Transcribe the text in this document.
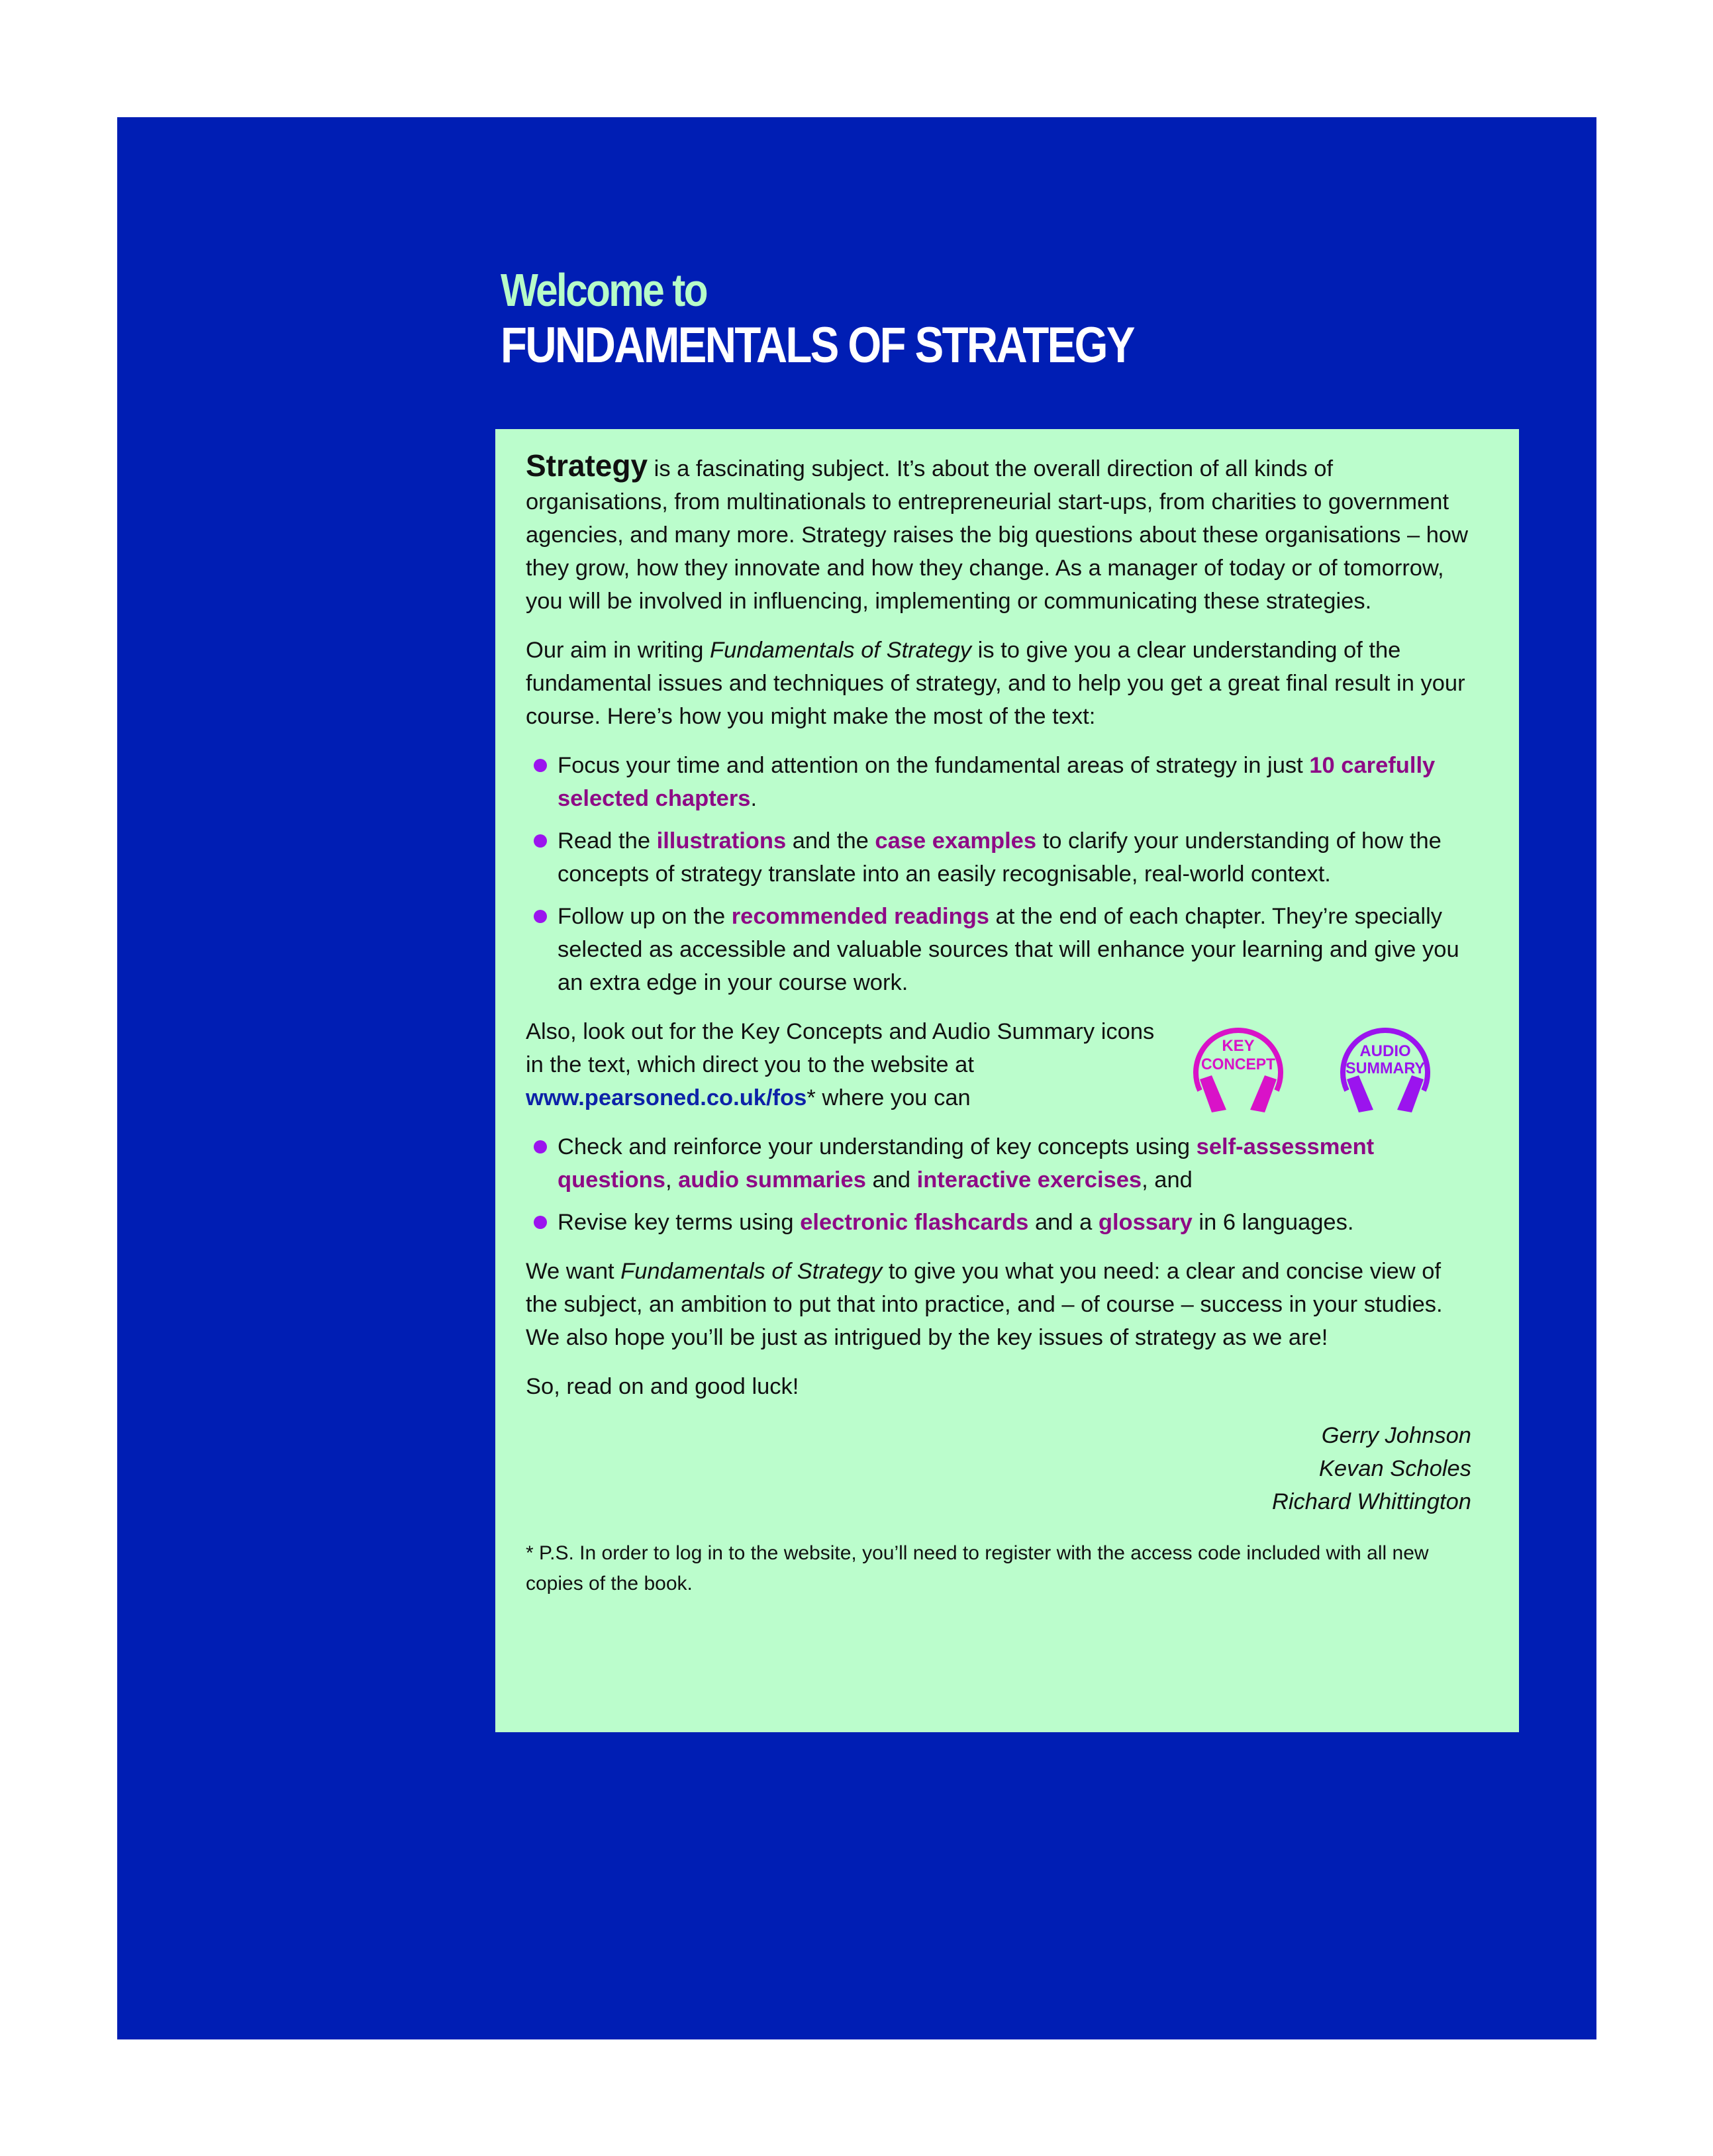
Welcome to
FUNDAMENTALS OF STRATEGY

Strategy is a fascinating subject. It’s about the overall direction of all kinds of organisations, from multinationals to entrepreneurial start-ups, from charities to government agencies, and many more. Strategy raises the big questions about these organisations – how they grow, how they innovate and how they change. As a manager of today or of tomorrow, you will be involved in influencing, implementing or communicating these strategies.

Our aim in writing Fundamentals of Strategy is to give you a clear understanding of the fundamental issues and techniques of strategy, and to help you get a great final result in your course. Here’s how you might make the most of the text:

Focus your time and attention on the fundamental areas of strategy in just 10 carefully selected chapters.
Read the illustrations and the case examples to clarify your understanding of how the concepts of strategy translate into an easily recognisable, real-world context.
Follow up on the recommended readings at the end of each chapter. They’re specially selected as accessible and valuable sources that will enhance your learning and give you an extra edge in your course work.

Also, look out for the Key Concepts and Audio Summary icons in the text, which direct you to the website at www.pearsoned.co.uk/fos* where you can

KEY
CONCEPT
AUDIO
SUMMARY
Check and reinforce your understanding of key concepts using self-assessment questions, audio summaries and interactive exercises, and
Revise key terms using electronic flashcards and a glossary in 6 languages.

We want Fundamentals of Strategy to give you what you need: a clear and concise view of the subject, an ambition to put that into practice, and – of course – success in your studies. We also hope you’ll be just as intrigued by the key issues of strategy as we are!

So, read on and good luck!

Gerry Johnson
Kevan Scholes
Richard Whittington

* P.S. In order to log in to the website, you’ll need to register with the access code included with all new copies of the book.
